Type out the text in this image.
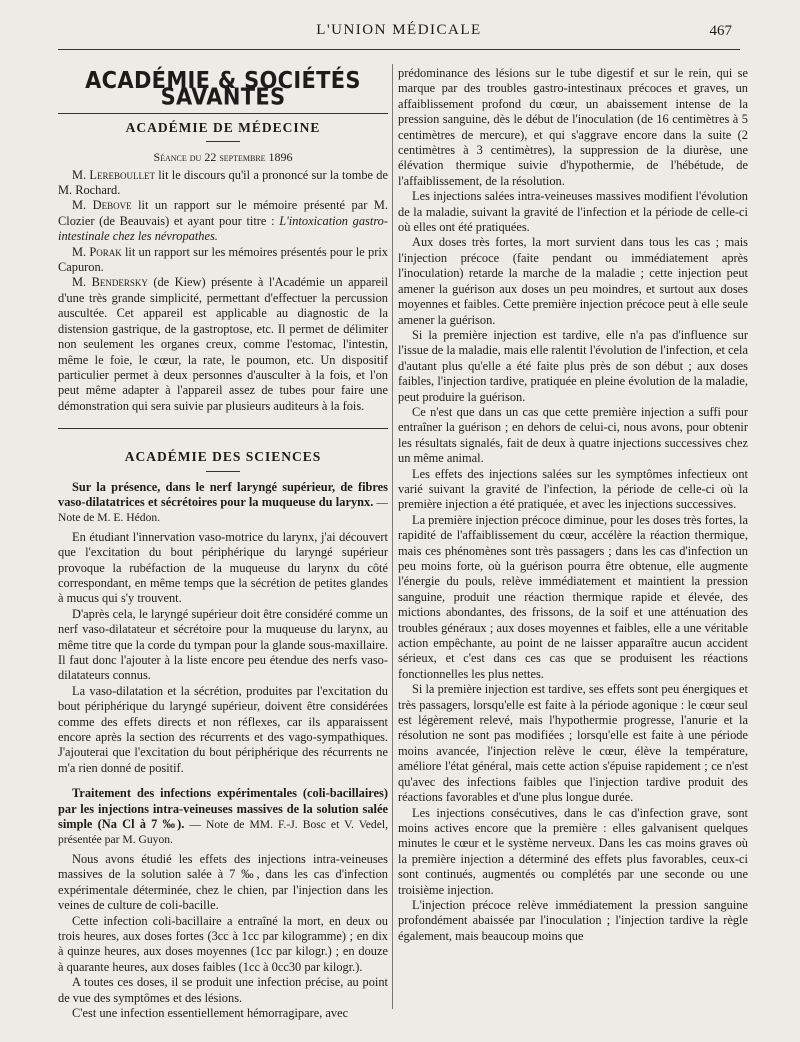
L'UNION MÉDICALE	467
ACADÉMIE & SOCIÉTÉS SAVANTES
ACADÉMIE DE MÉDECINE
Séance du 22 septembre 1896

M. Lereboullet lit le discours qu'il a prononcé sur la tombe de M. Rochard.

M. Debove lit un rapport sur le mémoire présenté par M. Clozier (de Beauvais) et ayant pour titre : L'intoxication gastro-intestinale chez les névropathes.

M. Porak lit un rapport sur les mémoires présentés pour le prix Capuron.

M. Bendersky (de Kiew) présente à l'Académie un appareil d'une très grande simplicité, permettant d'effectuer la percussion auscultée. Cet appareil est applicable au diagnostic de la distension gastrique, de la gastroptose, etc. Il permet de délimiter non seulement les organes creux, comme l'estomac, l'intestin, même le foie, le cœur, la rate, le poumon, etc. Un dispositif particulier permet à deux personnes d'ausculter à la fois, et l'on peut même adapter à l'appareil assez de tubes pour faire une démonstration qui sera suivie par plusieurs auditeurs à la fois.

ACADÉMIE DES SCIENCES

Sur la présence, dans le nerf laryngé supérieur, de fibres vaso-dilatatrices et sécrétoires pour la muqueuse du larynx. — Note de M. E. Hédon.

En étudiant l'innervation vaso-motrice du larynx, j'ai découvert que l'excitation du bout périphérique du laryngé supérieur provoque la rubéfaction de la muqueuse du larynx du côté correspondant, en même temps que la sécrétion de petites glandes à mucus qui s'y trouvent.

D'après cela, le laryngé supérieur doit être considéré comme un nerf vaso-dilatateur et sécrétoire pour la muqueuse du larynx, au même titre que la corde du tympan pour la glande sous-maxillaire. Il faut donc l'ajouter à la liste encore peu étendue des nerfs vaso-dilatateurs connus.

La vaso-dilatation et la sécrétion, produites par l'excitation du bout périphérique du laryngé supérieur, doivent être considérées comme des effets directs et non réflexes, car ils apparaissent encore après la section des récurrents et des vago-sympathiques. J'ajouterai que l'excitation du bout périphérique des récurrents ne m'a rien donné de positif.

Traitement des infections expérimentales (coli-bacillaires) par les injections intra-veineuses massives de la solution salée simple (Na Cl à 7 ‰). — Note de MM. F.-J. Bosc et V. Vedel, présentée par M. Guyon.

Nous avons étudié les effets des injections intra-veineuses massives de la solution salée à 7 ‰, dans les cas d'infection expérimentale déterminée, chez le chien, par l'injection dans les veines de culture de coli-bacille.

Cette infection coli-bacillaire a entraîné la mort, en deux ou trois heures, aux doses fortes (3cc à 1cc par kilogramme) ; en dix à quinze heures, aux doses moyennes (1cc par kilogr.) ; en douze à quarante heures, aux doses faibles (1cc à 0cc30 par kilogr.).

A toutes ces doses, il se produit une infection précise, au point de vue des symptômes et des lésions.

C'est une infection essentiellement hémorragipare, avec

prédominance des lésions sur le tube digestif et sur le rein, qui se marque par des troubles gastro-intestinaux précoces et graves, un affaiblissement profond du cœur, un abaissement intense de la pression sanguine, dès le début de l'inoculation (de 16 centimètres à 5 centimètres de mercure), et qui s'aggrave encore dans la suite (2 centimètres à 3 centimètres), la suppression de la diurèse, une élévation thermique suivie d'hypothermie, de l'hébétude, de l'affaiblissement, de la résolution.

Les injections salées intra-veineuses massives modifient l'évolution de la maladie, suivant la gravité de l'infection et la période de celle-ci où elles ont été pratiquées.

Aux doses très fortes, la mort survient dans tous les cas ; mais l'injection précoce (faite pendant ou immédiatement après l'inoculation) retarde la marche de la maladie ; cette injection peut amener la guérison aux doses un peu moindres, et surtout aux doses moyennes et faibles. Cette première injection précoce peut à elle seule amener la guérison.

Si la première injection est tardive, elle n'a pas d'influence sur l'issue de la maladie, mais elle ralentit l'évolution de l'infection, et cela d'autant plus qu'elle a été faite plus près de son début ; aux doses faibles, l'injection tardive, pratiquée en pleine évolution de la maladie, peut produire la guérison.

Ce n'est que dans un cas que cette première injection a suffi pour entraîner la guérison ; en dehors de celui-ci, nous avons, pour obtenir les résultats signalés, fait de deux à quatre injections successives chez un même animal.

Les effets des injections salées sur les symptômes infectieux ont varié suivant la gravité de l'infection, la période de celle-ci où la première injection a été pratiquée, et avec les injections successives.

La première injection précoce diminue, pour les doses très fortes, la rapidité de l'affaiblissement du cœur, accélère la réaction thermique, mais ces phénomènes sont très passagers ; dans les cas d'infection un peu moins forte, où la guérison pourra être obtenue, elle augmente l'énergie du pouls, relève immédiatement et maintient la pression sanguine, produit une réaction thermique rapide et élevée, des mictions abondantes, des frissons, de la soif et une atténuation des troubles généraux ; aux doses moyennes et faibles, elle a une véritable action empêchante, au point de ne laisser apparaître aucun accident sérieux, et c'est dans ces cas que se produisent les réactions fonctionnelles les plus nettes.

Si la première injection est tardive, ses effets sont peu énergiques et très passagers, lorsqu'elle est faite à la période agonique : le cœur seul est légèrement relevé, mais l'hypothermie progresse, l'anurie et la résolution ne sont pas modifiées ; lorsqu'elle est faite à une période moins avancée, l'injection relève le cœur, élève la température, améliore l'état général, mais cette action s'épuise rapidement ; ce n'est qu'avec des infections faibles que l'injection tardive produit des réactions favorables et d'une plus longue durée.

Les injections consécutives, dans le cas d'infection grave, sont moins actives encore que la première : elles galvanisent quelques minutes le cœur et le système nerveux. Dans les cas moins graves où la première injection a déterminé des effets plus favorables, ceux-ci sont continués, augmentés ou complétés par une seconde ou une troisième injection.

L'injection précoce relève immédiatement la pression sanguine profondément abaissée par l'inoculation ; l'injection tardive la règle également, mais beaucoup moins que
